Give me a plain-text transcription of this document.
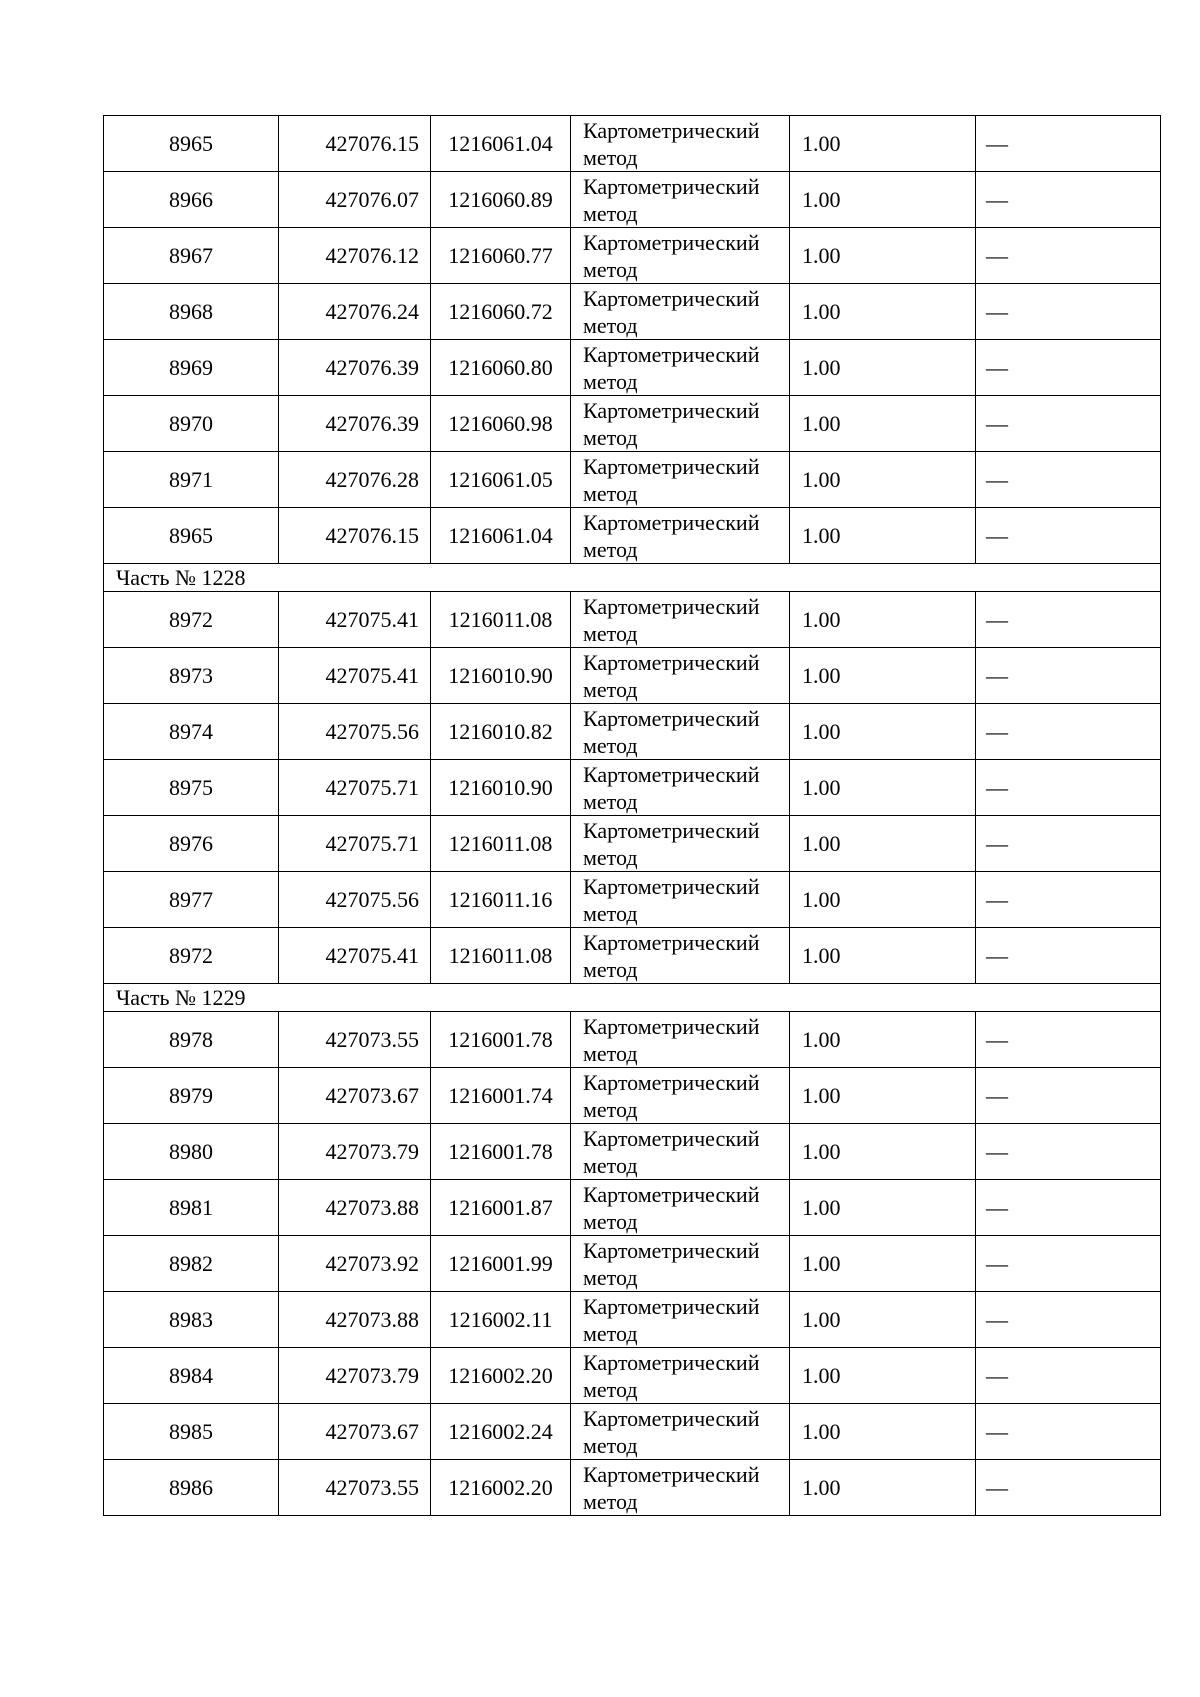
8965	427076.15	1216061.04	Картометрический
метод	1.00	—
8966	427076.07	1216060.89	Картометрический
метод	1.00	—
8967	427076.12	1216060.77	Картометрический
метод	1.00	—
8968	427076.24	1216060.72	Картометрический
метод	1.00	—
8969	427076.39	1216060.80	Картометрический
метод	1.00	—
8970	427076.39	1216060.98	Картометрический
метод	1.00	—
8971	427076.28	1216061.05	Картометрический
метод	1.00	—
8965	427076.15	1216061.04	Картометрический
метод	1.00	—
Часть № 1228					
8972	427075.41	1216011.08	Картометрический
метод	1.00	—
8973	427075.41	1216010.90	Картометрический
метод	1.00	—
8974	427075.56	1216010.82	Картометрический
метод	1.00	—
8975	427075.71	1216010.90	Картометрический
метод	1.00	—
8976	427075.71	1216011.08	Картометрический
метод	1.00	—
8977	427075.56	1216011.16	Картометрический
метод	1.00	—
8972	427075.41	1216011.08	Картометрический
метод	1.00	—
Часть № 1229					
8978	427073.55	1216001.78	Картометрический
метод	1.00	—
8979	427073.67	1216001.74	Картометрический
метод	1.00	—
8980	427073.79	1216001.78	Картометрический
метод	1.00	—
8981	427073.88	1216001.87	Картометрический
метод	1.00	—
8982	427073.92	1216001.99	Картометрический
метод	1.00	—
8983	427073.88	1216002.11	Картометрический
метод	1.00	—
8984	427073.79	1216002.20	Картометрический
метод	1.00	—
8985	427073.67	1216002.24	Картометрический
метод	1.00	—
8986	427073.55	1216002.20	Картометрический
метод	1.00	—
